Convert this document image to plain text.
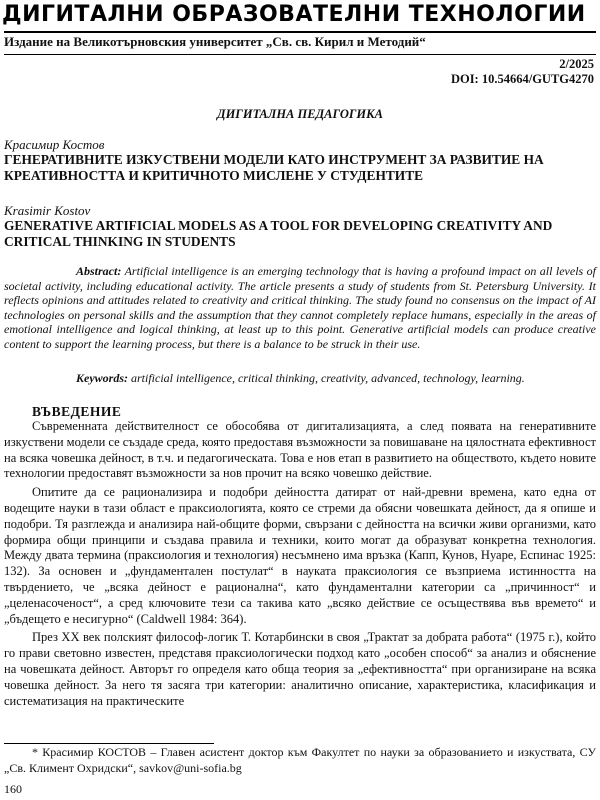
ДИГИТАЛНИ ОБРАЗОВАТЕЛНИ ТЕХНОЛОГИИ
Издание на Великотърновския университет „Св. св. Кирил и Методий“
2/2025
DOI: 10.54664/GUTG4270
ДИГИТАЛНА ПЕДАГОГИКА
Красимир Костов
ГЕНЕРАТИВНИТЕ ИЗКУСТВЕНИ МОДЕЛИ КАТО ИНСТРУМЕНТ ЗА РАЗВИТИЕ НА КРЕАТИВНОСТТА И КРИТИЧНОТО МИСЛЕНЕ У СТУДЕНТИТЕ
Krasimir Kostov
GENERATIVE ARTIFICIAL MODELS AS A TOOL FOR DEVELOPING CREATIVITY AND CRITICAL THINKING IN STUDENTS
Abstract: Artificial intelligence is an emerging technology that is having a profound impact on all levels of societal activity, including educational activity. The article presents a study of students from St. Petersburg University. It reflects opinions and attitudes related to creativity and critical thinking. The study found no consensus on the impact of AI technologies on personal skills and the assumption that they cannot completely replace humans, especially in the areas of emotional intelligence and logical thinking, at least up to this point. Generative artificial models can produce creative content to support the learning process, but there is a balance to be struck in their use.
Keywords: artificial intelligence, critical thinking, creativity, advanced, technology, learning.
ВЪВЕДЕНИЕ

Съвременната действителност се обособява от дигитализацията, а след появата на генеративните изкуствени модели се създаде среда, която предоставя възможности за повишаване на цялостната ефективност на всяка човешка дейност, в т.ч. и педагогическата. Това е нов етап в развитието на обществото, където новите технологии предоставят възможности за нов прочит на всяко човешко действие.

Опитите да се рационализира и подобри дейността датират от най-древни времена, като една от водещите науки в тази област е праксиологията, която се стреми да обясни човешката дейност, да я опише и подобри. Тя разглежда и анализира най-общите форми, свързани с дейността на всички живи организми, като формира общи принципи и създава правила и техники, които могат да образуват конкретна технология. Между двата термина (праксиология и технология) несъмнено има връзка (Капп, Кунов, Нуаре, Еспинас 1925: 132). За основен и „фундаментален постулат“ в науката праксиология се възприема истинността на твърдението, че „всяка дейност е рационална“, като фундаментални категории са „причинност“ и „целенасоченост“, а сред ключовите тези са такива като „всяко действие се осъществява във времето“ и „бъдещето е несигурно“ (Caldwell 1984: 364).

През XX век полският философ-логик Т. Котарбински в своя „Трактат за добрата работа“ (1975 г.), който го прави световно известен, представя праксиологически подход като „особен способ“ за анализ и обяснение на човешката дейност. Авторът го определя като обща теория за „ефективността“ при организиране на всяка човешка дейност. За него тя засяга три категории: аналитично описание, характеристика, класификация и систематизация на практическите

* Красимир КОСТОВ – Главен асистент доктор към Факултет по науки за образованието и изкуствата, СУ „Св. Климент Охридски“, savkov@uni-sofia.bg
160
